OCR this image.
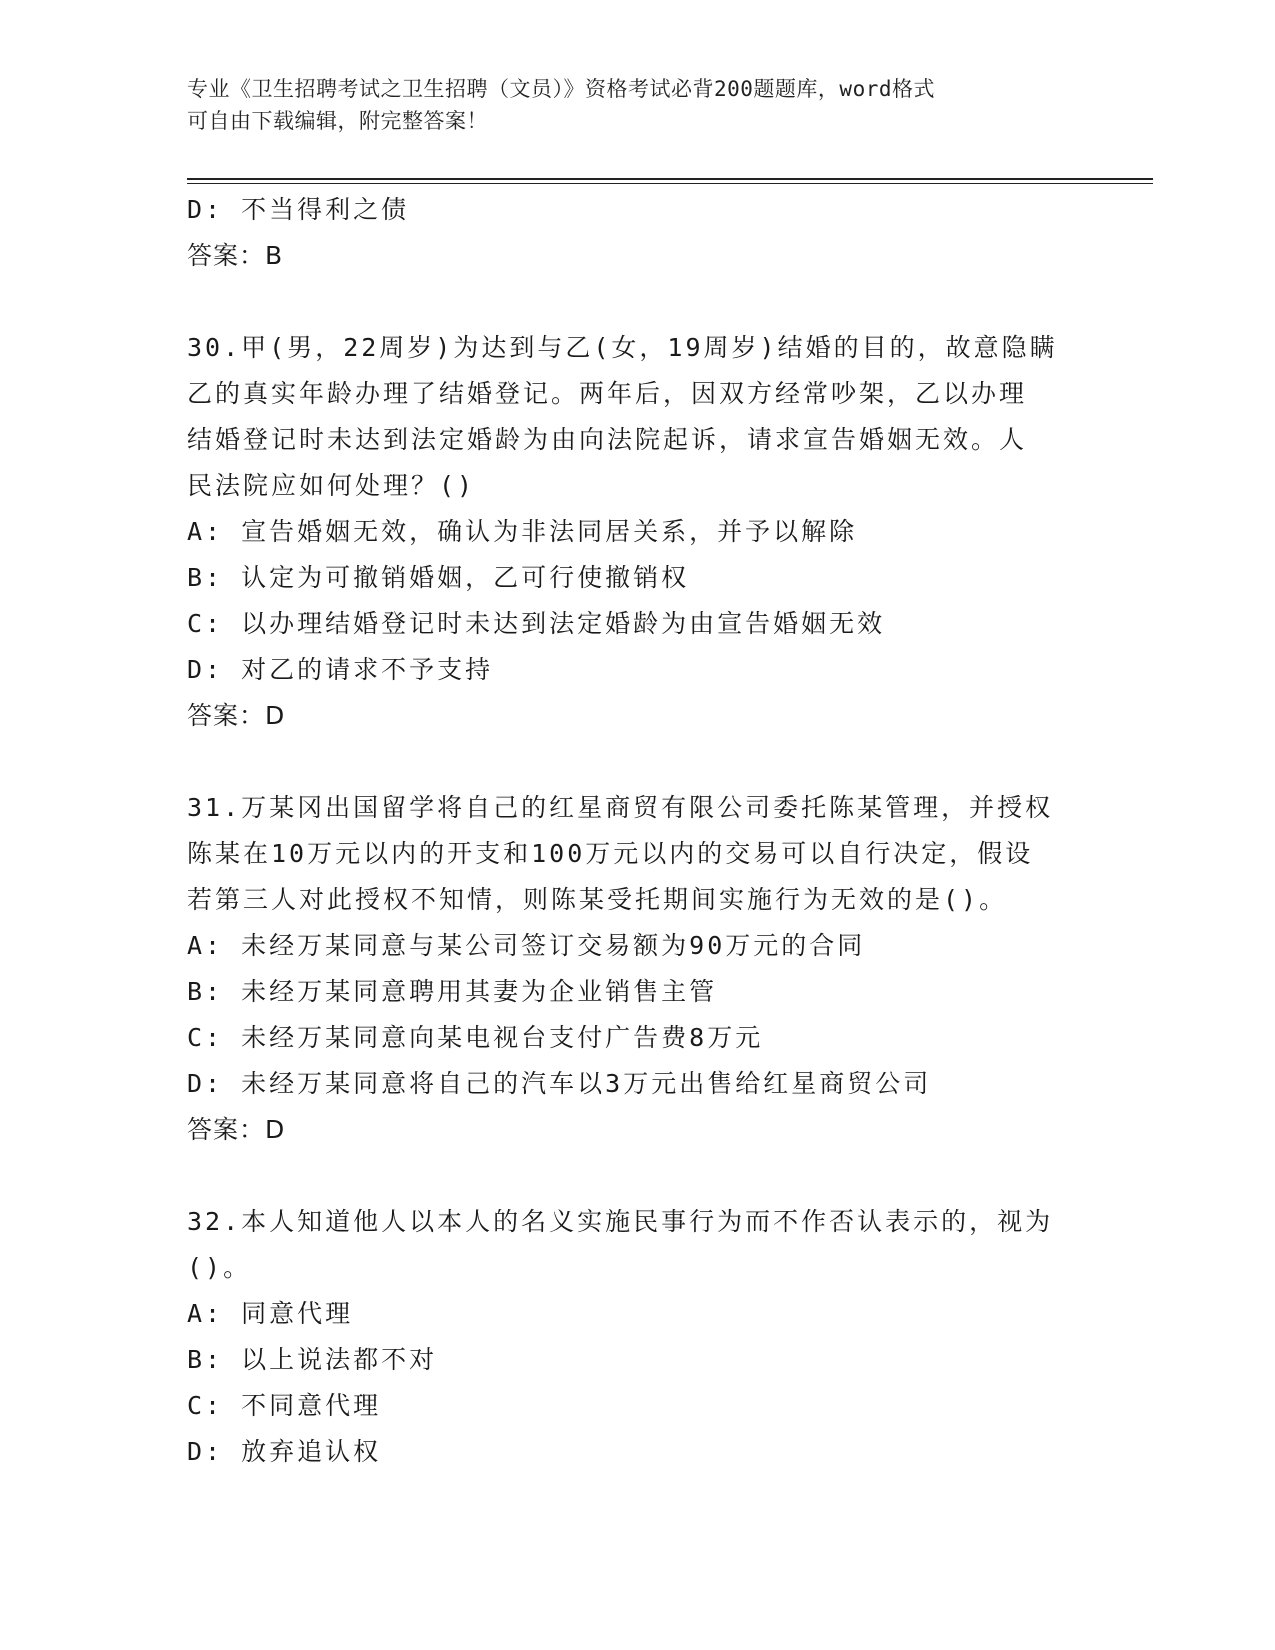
专业《卫生招聘考试之卫生招聘（文员）》资格考试必背200题题库，word格式
可自由下载编辑，附完整答案！
D: 不当得利之债
答案：B
30.甲(男，22周岁)为达到与乙(女，19周岁)结婚的目的，故意隐瞒
乙的真实年龄办理了结婚登记。两年后，因双方经常吵架，乙以办理
结婚登记时未达到法定婚龄为由向法院起诉，请求宣告婚姻无效。人
民法院应如何处理？()
A: 宣告婚姻无效，确认为非法同居关系，并予以解除
B: 认定为可撤销婚姻，乙可行使撤销权
C: 以办理结婚登记时未达到法定婚龄为由宣告婚姻无效
D: 对乙的请求不予支持
答案：D
31.万某冈出国留学将自己的红星商贸有限公司委托陈某管理，并授权
陈某在10万元以内的开支和100万元以内的交易可以自行决定，假设
若第三人对此授权不知情，则陈某受托期间实施行为无效的是()。
A: 未经万某同意与某公司签订交易额为90万元的合同
B: 未经万某同意聘用其妻为企业销售主管
C: 未经万某同意向某电视台支付广告费8万元
D: 未经万某同意将自己的汽车以3万元出售给红星商贸公司
答案：D
32.本人知道他人以本人的名义实施民事行为而不作否认表示的，视为
()。
A: 同意代理
B: 以上说法都不对
C: 不同意代理
D: 放弃追认权
